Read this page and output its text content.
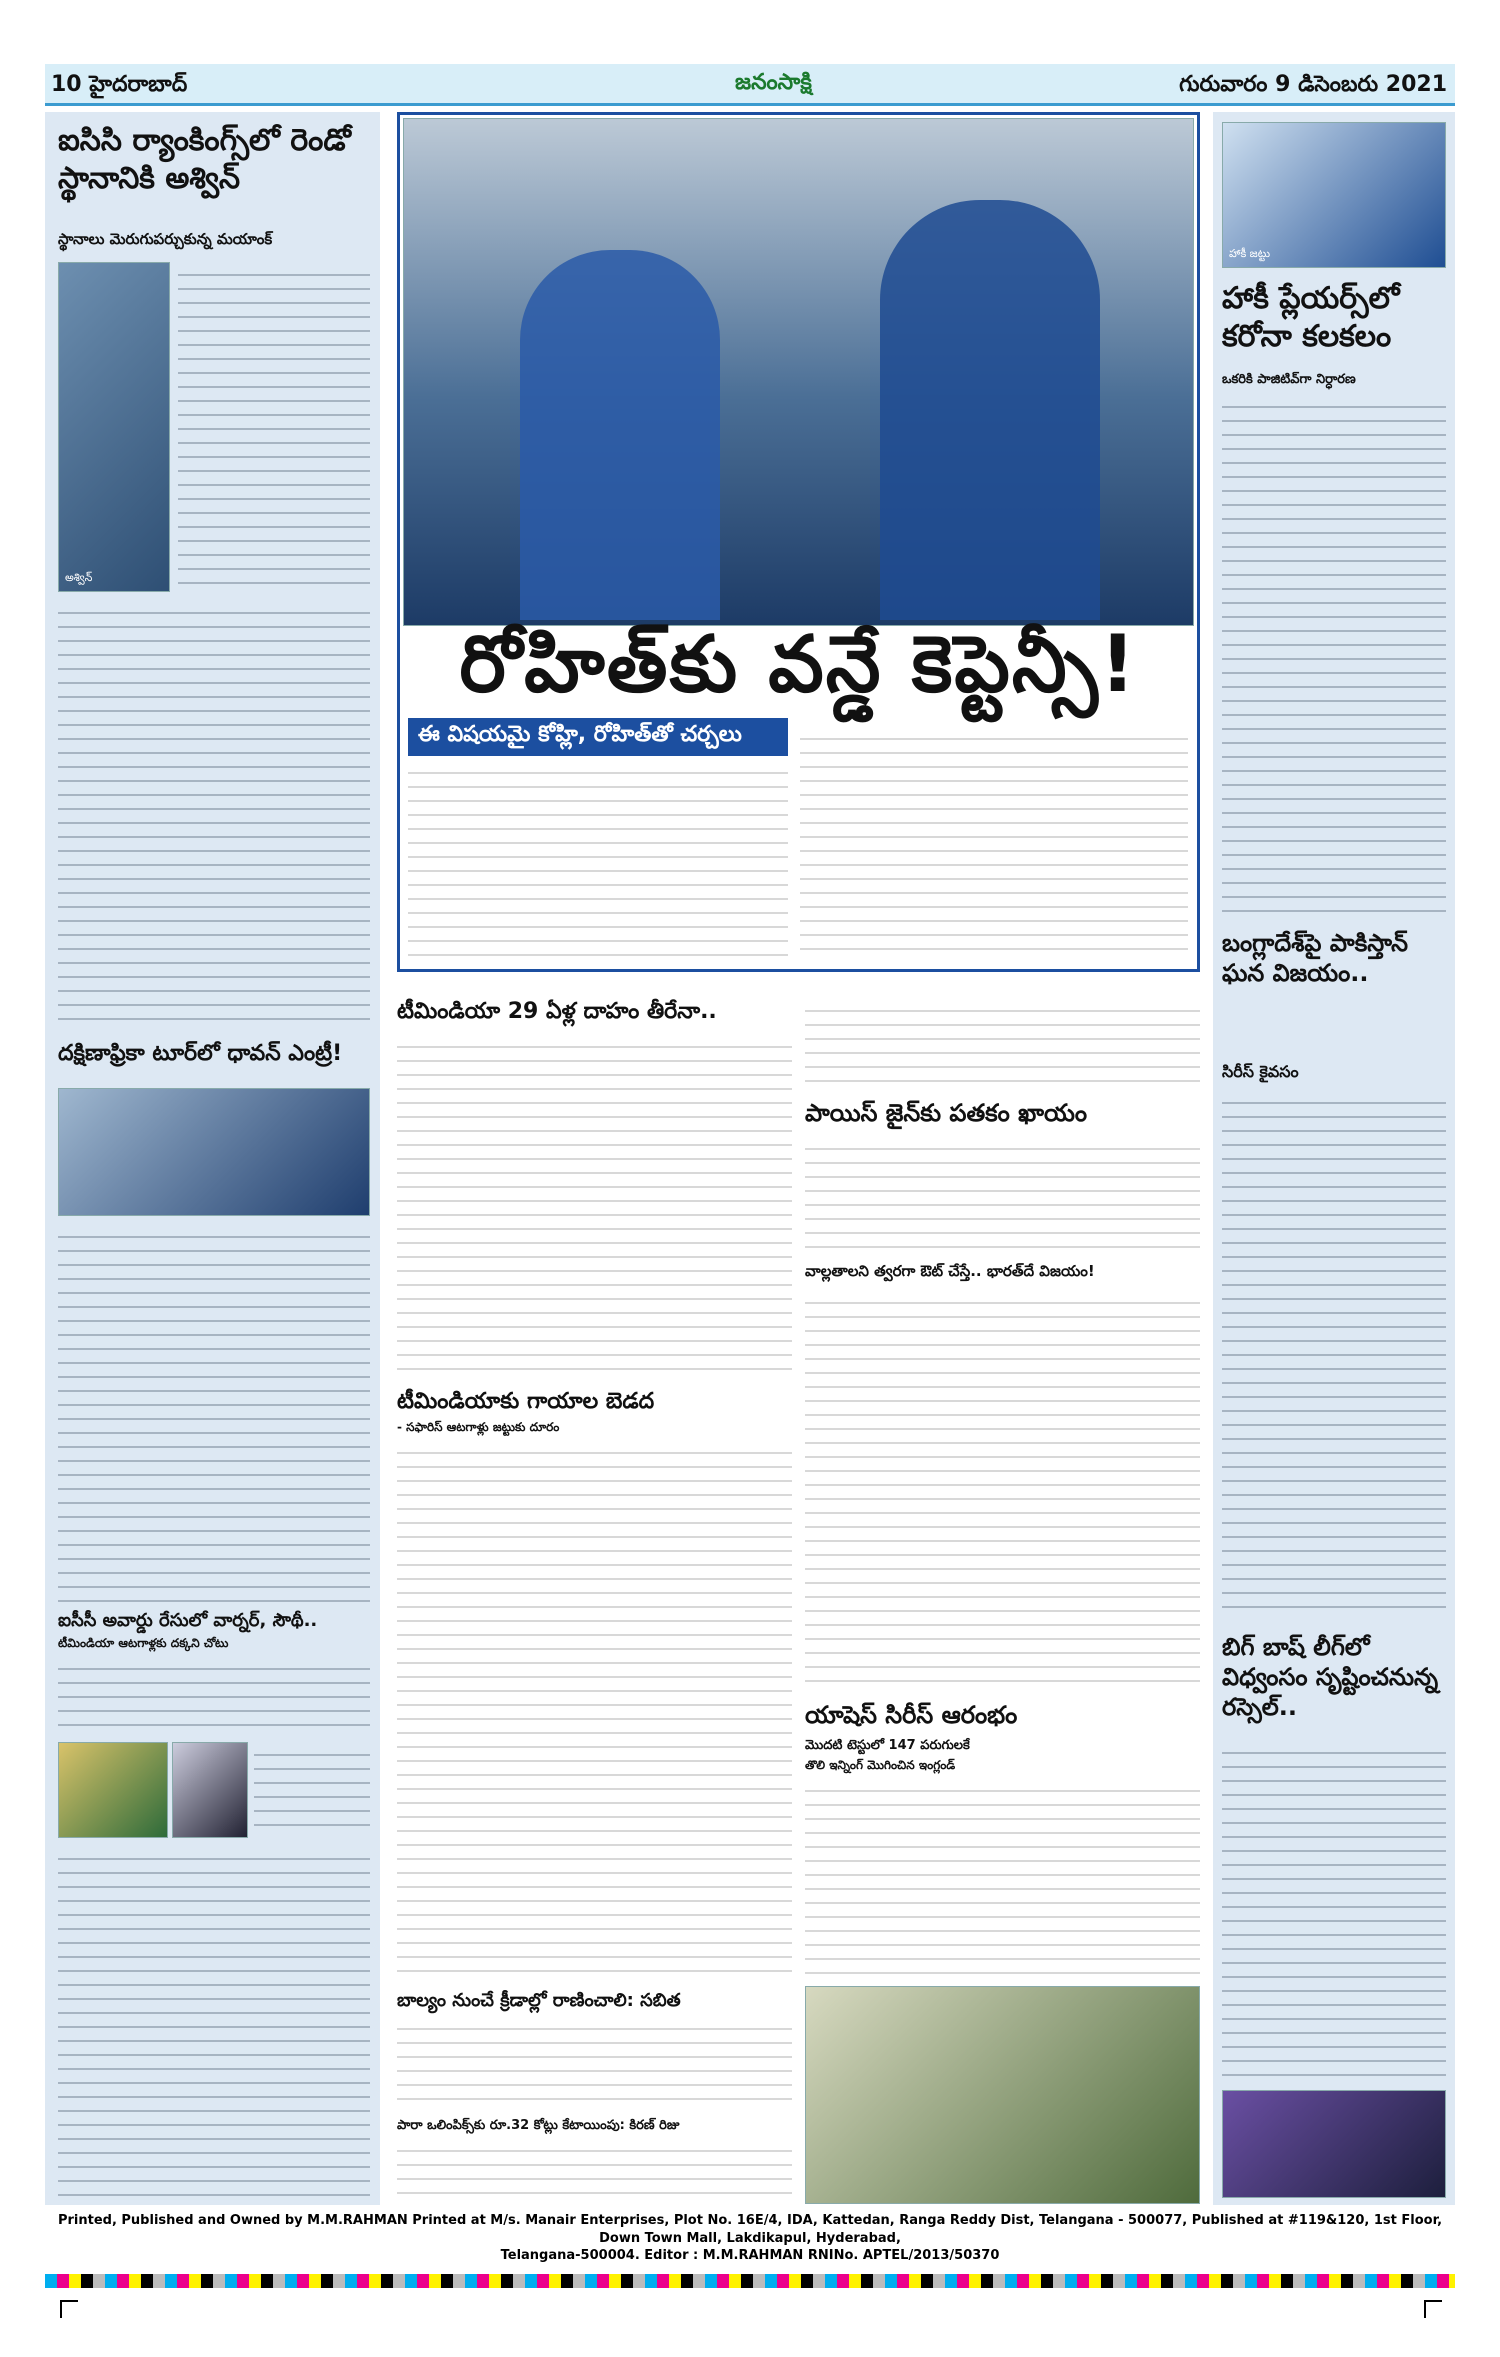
10 హైదరాబాద్	జనంసాక్షి	గురువారం 9 డిసెంబరు 2021
ఐసిసి ర్యాంకింగ్స్‌లో రెండో స్థానానికి అశ్విన్
స్థానాలు మెరుగుపర్చుకున్న మయాంక్
అశ్విన్
దక్షిణాఫ్రికా టూర్‌లో ధావన్ ఎంట్రీ!
ఐసీసీ అవార్డు రేసులో వార్నర్, సౌథీ..
టీమిండియా ఆటగాళ్లకు దక్కని చోటు
రోహిత్‌కు వన్డే కెప్టెన్సీ!
ఈ విషయమై కోహ్లి, రోహిత్‌తో చర్చలు
టీమిండియా 29 ఏళ్ల దాహం తీరేనా..
టీమిండియాకు గాయాల బెడద
- సఫారిస్ ఆటగాళ్లు జట్టుకు దూరం
బాల్యం నుంచే క్రీడాల్లో రాణించాలి: సబిత
పారా ఒలింపిక్స్‌కు రూ.32 కోట్లు కేటాయింపు: కిరణ్ రిజు
పాయిస్ జైన్‌కు పతకం ఖాయం
వాల్లతాలని త్వరగా ఔట్ చేస్తే.. భారత్‌దే విజయం!
యాషెస్ సిరీస్ ఆరంభం
మొదటి టెస్టులో 147 పరుగులకే
తొలి ఇన్నింగ్ మొగించిన ఇంగ్లండ్
హాకీ జట్టు
హాకీ ప్లేయర్స్‌లో కరోనా కలకలం
ఒకరికి పాజిటివ్‌గా నిర్ధారణ
బంగ్లాదేశ్‌పై పాకిస్తాన్ ఘన విజయం..
సిరీస్ కైవసం
బిగ్ బాష్ లీగ్‌లో విధ్వంసం సృష్టించనున్న రస్సెల్..
Printed, Published and Owned by M.M.RAHMAN Printed at M/s. Manair Enterprises, Plot No. 16E/4, IDA, Kattedan, Ranga Reddy Dist, Telangana - 500077, Published at #119&120, 1st Floor, Down Town Mall, Lakdikapul, Hyderabad,
Telangana-500004. Editor : M.M.RAHMAN RNINo. APTEL/2013/50370
